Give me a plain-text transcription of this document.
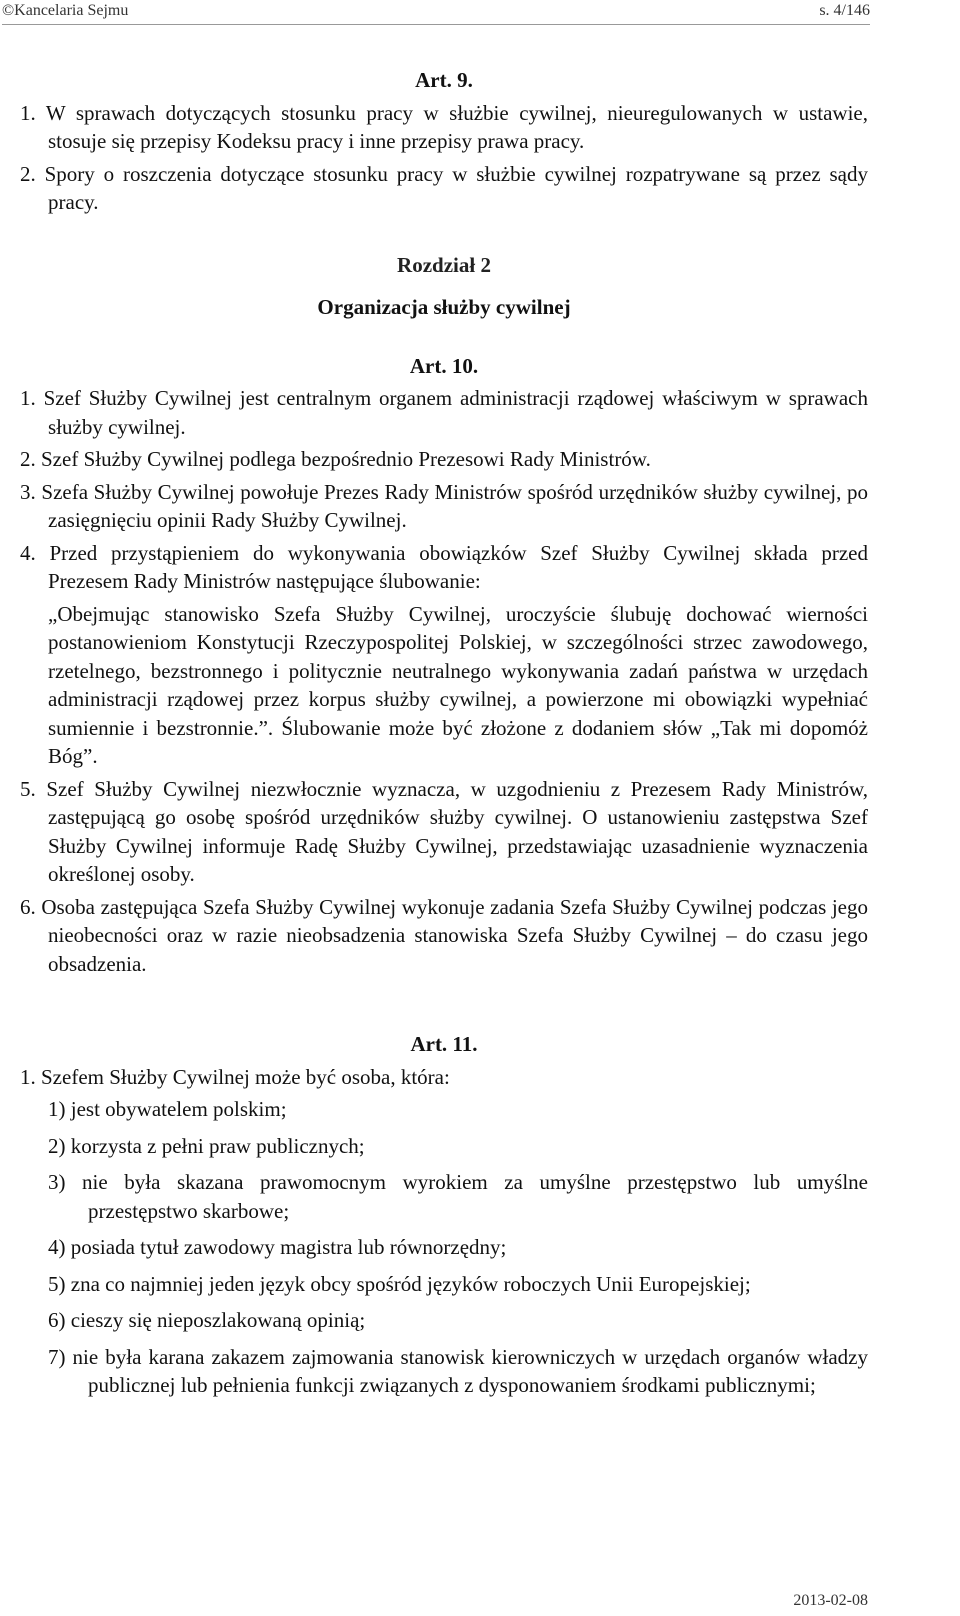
©Kancelaria Sejmu	s. 4/146
Art. 9.

1. W sprawach dotyczących stosunku pracy w służbie cywilnej, nieuregulowanych w ustawie, stosuje się przepisy Kodeksu pracy i inne przepisy prawa pracy.

2. Spory o roszczenia dotyczące stosunku pracy w służbie cywilnej rozpatrywane są przez sądy pracy.

Rozdział 2
Organizacja służby cywilnej
Art. 10.

1. Szef Służby Cywilnej jest centralnym organem administracji rządowej właściwym w sprawach służby cywilnej.

2. Szef Służby Cywilnej podlega bezpośrednio Prezesowi Rady Ministrów.

3. Szefa Służby Cywilnej powołuje Prezes Rady Ministrów spośród urzędników służby cywilnej, po zasięgnięciu opinii Rady Służby Cywilnej.

4. Przed przystąpieniem do wykonywania obowiązków Szef Służby Cywilnej składa przed Prezesem Rady Ministrów następujące ślubowanie:

„Obejmując stanowisko Szefa Służby Cywilnej, uroczyście ślubuję dochować wierności postanowieniom Konstytucji Rzeczypospolitej Polskiej, w szczególności strzec zawodowego, rzetelnego, bezstronnego i politycznie neutralnego wykonywania zadań państwa w urzędach administracji rządowej przez korpus służby cywilnej, a powierzone mi obowiązki wypełniać sumiennie i bezstronnie.”. Ślubowanie może być złożone z dodaniem słów „Tak mi dopomóż Bóg”.

5. Szef Służby Cywilnej niezwłocznie wyznacza, w uzgodnieniu z Prezesem Rady Ministrów, zastępującą go osobę spośród urzędników służby cywilnej. O ustanowieniu zastępstwa Szef Służby Cywilnej informuje Radę Służby Cywilnej, przedstawiając uzasadnienie wyznaczenia określonej osoby.

6. Osoba zastępująca Szefa Służby Cywilnej wykonuje zadania Szefa Służby Cywilnej podczas jego nieobecności oraz w razie nieobsadzenia stanowiska Szefa Służby Cywilnej – do czasu jego obsadzenia.

Art. 11.

1. Szefem Służby Cywilnej może być osoba, która:

1) jest obywatelem polskim;

2) korzysta z pełni praw publicznych;

3) nie była skazana prawomocnym wyrokiem za umyślne przestępstwo lub umyślne przestępstwo skarbowe;

4) posiada tytuł zawodowy magistra lub równorzędny;

5) zna co najmniej jeden język obcy spośród języków roboczych Unii Europejskiej;

6) cieszy się nieposzlakowaną opinią;

7) nie była karana zakazem zajmowania stanowisk kierowniczych w urzędach organów władzy publicznej lub pełnienia funkcji związanych z dysponowaniem środkami publicznymi;

2013-02-08
